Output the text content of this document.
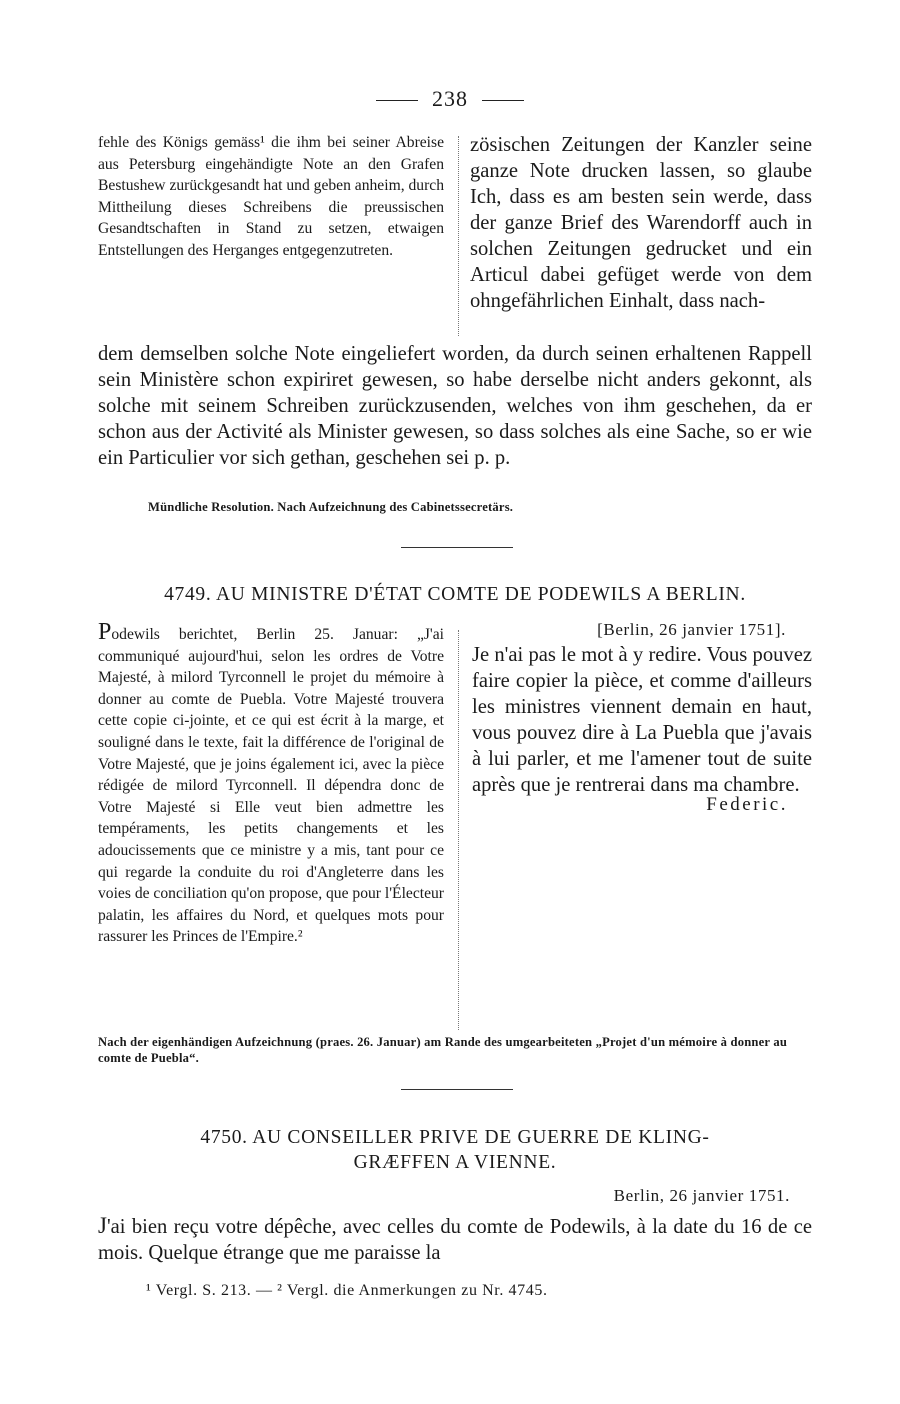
238
fehle des Königs gemäss¹ die ihm bei seiner Abreise aus Petersburg eingehändigte Note an den Grafen Bestushew zurückgesandt hat und geben anheim, durch Mittheilung dieses Schreibens die preussischen Gesandtschaften in Stand zu setzen, etwaigen Entstellungen des Herganges entgegenzutreten.
zösischen Zeitungen der Kanzler seine ganze Note drucken lassen, so glaube Ich, dass es am besten sein werde, dass der ganze Brief des Warendorff auch in solchen Zeitungen gedrucket und ein Articul dabei gefüget werde von dem ohngefährlichen Einhalt, dass nach-
dem demselben solche Note eingeliefert worden, da durch seinen erhaltenen Rappell sein Ministère schon expiriret gewesen, so habe derselbe nicht anders gekonnt, als solche mit seinem Schreiben zurückzusenden, welches von ihm geschehen, da er schon aus der Activité als Minister gewesen, so dass solches als eine Sache, so er wie ein Particulier vor sich gethan, geschehen sei p. p.
Mündliche Resolution. Nach Aufzeichnung des Cabinetssecretärs.
4749. AU MINISTRE D'ÉTAT COMTE DE PODEWILS A BERLIN.
Podewils berichtet, Berlin 25. Januar: „J'ai communiqué aujourd'hui, selon les ordres de Votre Majesté, à milord Tyrconnell le projet du mémoire à donner au comte de Puebla. Votre Majesté trouvera cette copie ci-jointe, et ce qui est écrit à la marge, et souligné dans le texte, fait la différence de l'original de Votre Majesté, que je joins également ici, avec la pièce rédigée de milord Tyrconnell. Il dépendra donc de Votre Majesté si Elle veut bien admettre les tempéraments, les petits changements et les adoucissements que ce ministre y a mis, tant pour ce qui regarde la conduite du roi d'Angleterre dans les voies de conciliation qu'on propose, que pour l'Électeur palatin, les affaires du Nord, et quelques mots pour rassurer les Princes de l'Empire.²
[Berlin, 26 janvier 1751].
Je n'ai pas le mot à y redire. Vous pouvez faire copier la pièce, et comme d'ailleurs les ministres viennent demain en haut, vous pouvez dire à La Puebla que j'avais à lui parler, et me l'amener tout de suite après que je rentrerai dans ma chambre.
Federic.
Nach der eigenhändigen Aufzeichnung (praes. 26. Januar) am Rande des umgearbeiteten „Projet d'un mémoire à donner au comte de Puebla“.
4750. AU CONSEILLER PRIVE DE GUERRE DE KLING-
GRÆFFEN A VIENNE.
Berlin, 26 janvier 1751.
J'ai bien reçu votre dépêche, avec celles du comte de Podewils, à la date du 16 de ce mois. Quelque étrange que me paraisse la
¹ Vergl. S. 213. — ² Vergl. die Anmerkungen zu Nr. 4745.
